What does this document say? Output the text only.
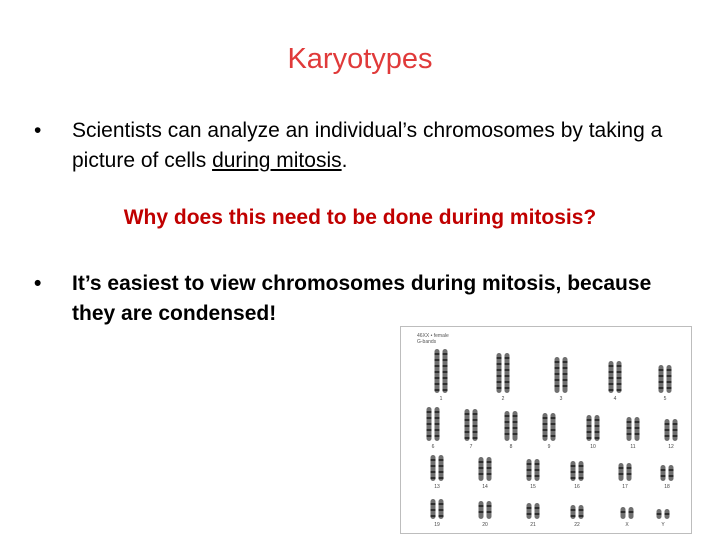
Karyotypes
• Scientists can analyze an individual’s chromosomes by taking a picture of cells during mitosis.
Why does this need to be done during mitosis?
• It’s easiest to view chromosomes during mitosis, because they are condensed!
46XX • female
G-bands
1	2	3	4	5
6	7	8	9	10	11	12
13	14	15	16	17	18
19	20	21	22	X	Y
